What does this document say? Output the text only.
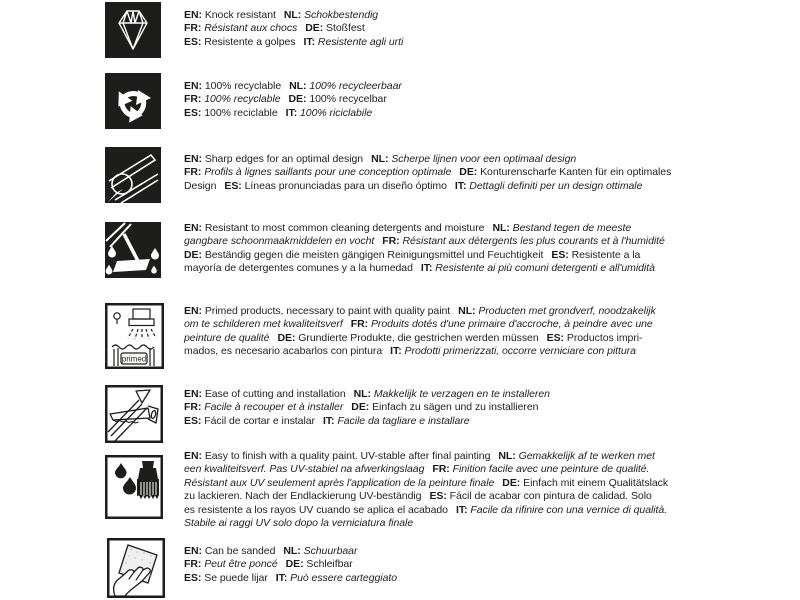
EN: Knock resistant NL: Schokbestendig
FR: Résistant aux chocs DE: Stoßfest
ES: Resistente a golpes IT: Resistente agli urti
EN: 100% recyclable NL: 100% recycleerbaar
FR: 100% recyclable DE: 100% recycelbar
ES: 100% reciclable IT: 100% riciclabile
EN: Sharp edges for an optimal design NL: Scherpe lijnen voor een optimaal design
FR: Profils à lignes saillants pour une conception optimale DE: Konturenscharfe Kanten für ein optimales
Design ES: Líneas pronunciadas para un diseño óptimo IT: Dettagli definiti per un design ottimale
EN: Resistant to most common cleaning detergents and moisture NL: Bestand tegen de meeste
gangbare schoonmaakmiddelen en vocht FR: Résistant aux détergents les plus courants et à l'humidité
DE: Beständig gegen die meisten gängigen Reinigungsmittel und Feuchtigkeit ES: Resistente a la
mayoría de detergentes comunes y a la humedad IT: Resistente ai più comuni detergenti e all'umidità
primed
EN: Primed products, necessary to paint with quality paint NL: Producten met grondverf, noodzakelijk
om te schilderen met kwaliteitsverf FR: Produits dotés d'une primaire d'accroche, à peindre avec une
peinture de qualité DE: Grundierte Produkte, die gestrichen werden müssen ES: Productos impri-
mados, es necesario acabarlos con pintura IT: Prodotti primerizzati, occorre verniciare con pittura
EN: Ease of cutting and installation NL: Makkelijk te verzagen en te installeren
FR: Facile à recouper et à installer DE: Einfach zu sägen und zu installieren
ES: Fácil de cortar e instalar IT: Facile da tagliare e installare
EN: Easy to finish with a quality paint. UV-stable after final painting NL: Gemakkelijk af te werken met
een kwaliteitsverf. Pas UV-stabiel na afwerkingslaag FR: Finition facile avec une peinture de qualité.
Résistant aux UV seulement après l'application de la peinture finale DE: Einfach mit einem Qualitätslack
zu lackieren. Nach der Endlackierung UV-beständig ES: Fácil de acabar con pintura de calidad. Solo
es resistente a los rayos UV cuando se aplica el acabado IT: Facile da rifinire con una vernice di qualità.
Stabile ai raggi UV solo dopo la verniciatura finale
EN: Can be sanded NL: Schuurbaar
FR: Peut être poncé DE: Schleifbar
ES: Se puede lijar IT: Può essere carteggiato
